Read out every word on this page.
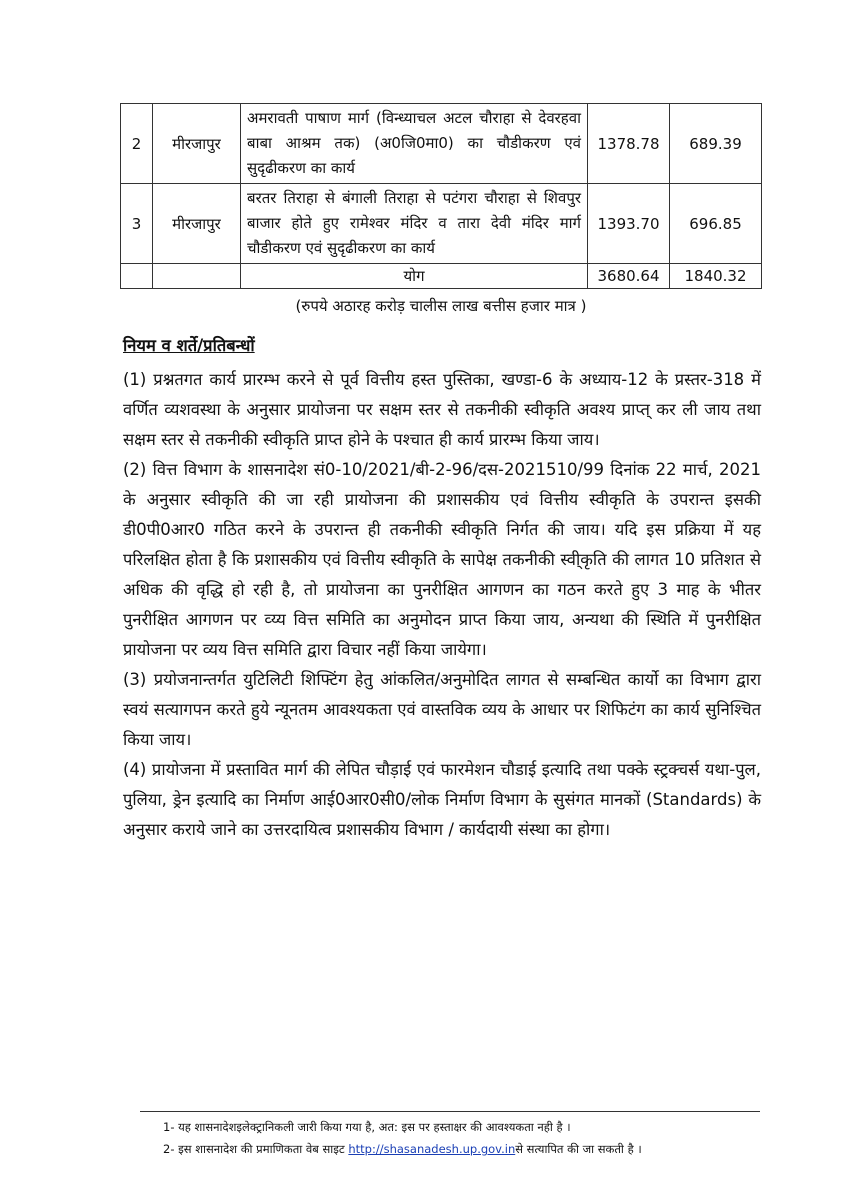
2	मीरजापुर	अमरावती पाषाण मार्ग (विन्ध्याचल अटल चौराहा से देवरहवा बाबा आश्रम तक) (अ0जि0मा0) का चौडीकरण एवं सुदृढीकरण का कार्य	1378.78	689.39
3	मीरजापुर	बरतर तिराहा से बंगाली तिराहा से पटंगरा चौराहा से शिवपुर बाजार होते हुए रामेश्वर मंदिर व तारा देवी मंदिर मार्ग चौडीकरण एवं सुदृढीकरण का कार्य	1393.70	696.85
		योग	3680.64	1840.32
(रुपये अठारह करोड़ चालीस लाख बत्तीस हजार मात्र )
नियम व शर्ते/प्रतिबन्धों

(1) प्रश्नतगत कार्य प्रारम्भ करने से पूर्व वित्तीय हस्त पुस्तिका, खण्डा-6 के अध्याय-12 के प्रस्तर-318 में वर्णित व्यशवस्था के अनुसार प्रायोजना पर सक्षम स्तर से तकनीकी स्वीकृति अवश्य प्राप्त् कर ली जाय तथा सक्षम स्तर से तकनीकी स्वीकृति प्राप्त होने के पश्चात ही कार्य प्रारम्भ किया जाय।

(2) वित्त विभाग के शासनादेश सं0-10/2021/बी-2-96/दस-2021510/99 दिनांक 22 मार्च, 2021 के अनुसार स्वीकृति की जा रही प्रायोजना की प्रशासकीय एवं वित्तीय स्वीकृति के उपरान्त इसकी डी0पी0आर0 गठित करने के उपरान्त ही तकनीकी स्वीकृति निर्गत की जाय। यदि इस प्रक्रिया में यह परिलक्षित होता है कि प्रशासकीय एवं वित्तीय स्वीकृति के सापेक्ष तकनीकी स्वी्कृति की लागत 10 प्रतिशत से अधिक की वृद्धि हो रही है, तो प्रायोजना का पुनरीक्षित आगणन का गठन करते हुए 3 माह के भीतर पुनरीक्षित आगणन पर व्य्य वित्त समिति का अनुमोदन प्राप्त किया जाय, अन्यथा की स्थिति में पुनरीक्षित प्रायोजना पर व्यय वित्त समिति द्वारा विचार नहीं किया जायेगा।

(3) प्रयोजनान्तर्गत युटिलिटी शिफ्टिंग हेतु आंकलित/अनुमोदित लागत से सम्बन्धित कार्यो का विभाग द्वारा स्वयं सत्यागपन करते हुये न्यूनतम आवश्यकता एवं वास्तविक व्यय के आधार पर शिफिटंग का कार्य सुनिश्चित किया जाय।

(4) प्रायोजना में प्रस्तावित मार्ग की लेपित चौड़ाई एवं फारमेशन चौडाई इत्यादि तथा पक्के स्ट्रक्चर्स यथा-पुल, पुलिया, ड्रेन इत्यादि का निर्माण आई0आर0सी0/लोक निर्माण विभाग के सुसंगत मानकों (Standards) के अनुसार कराये जाने का उत्तरदायित्व प्रशासकीय विभाग / कार्यदायी संस्था का होगा।

1- यह शासनादेशइलेक्ट्रानिकली जारी किया गया है, अत: इस पर हस्ताक्षर की आवश्यकता नही है ।
2- इस शासनादेश की प्रमाणिकता वेब साइट http://shasanadesh.up.gov.inसे सत्यापित की जा सकती है ।
